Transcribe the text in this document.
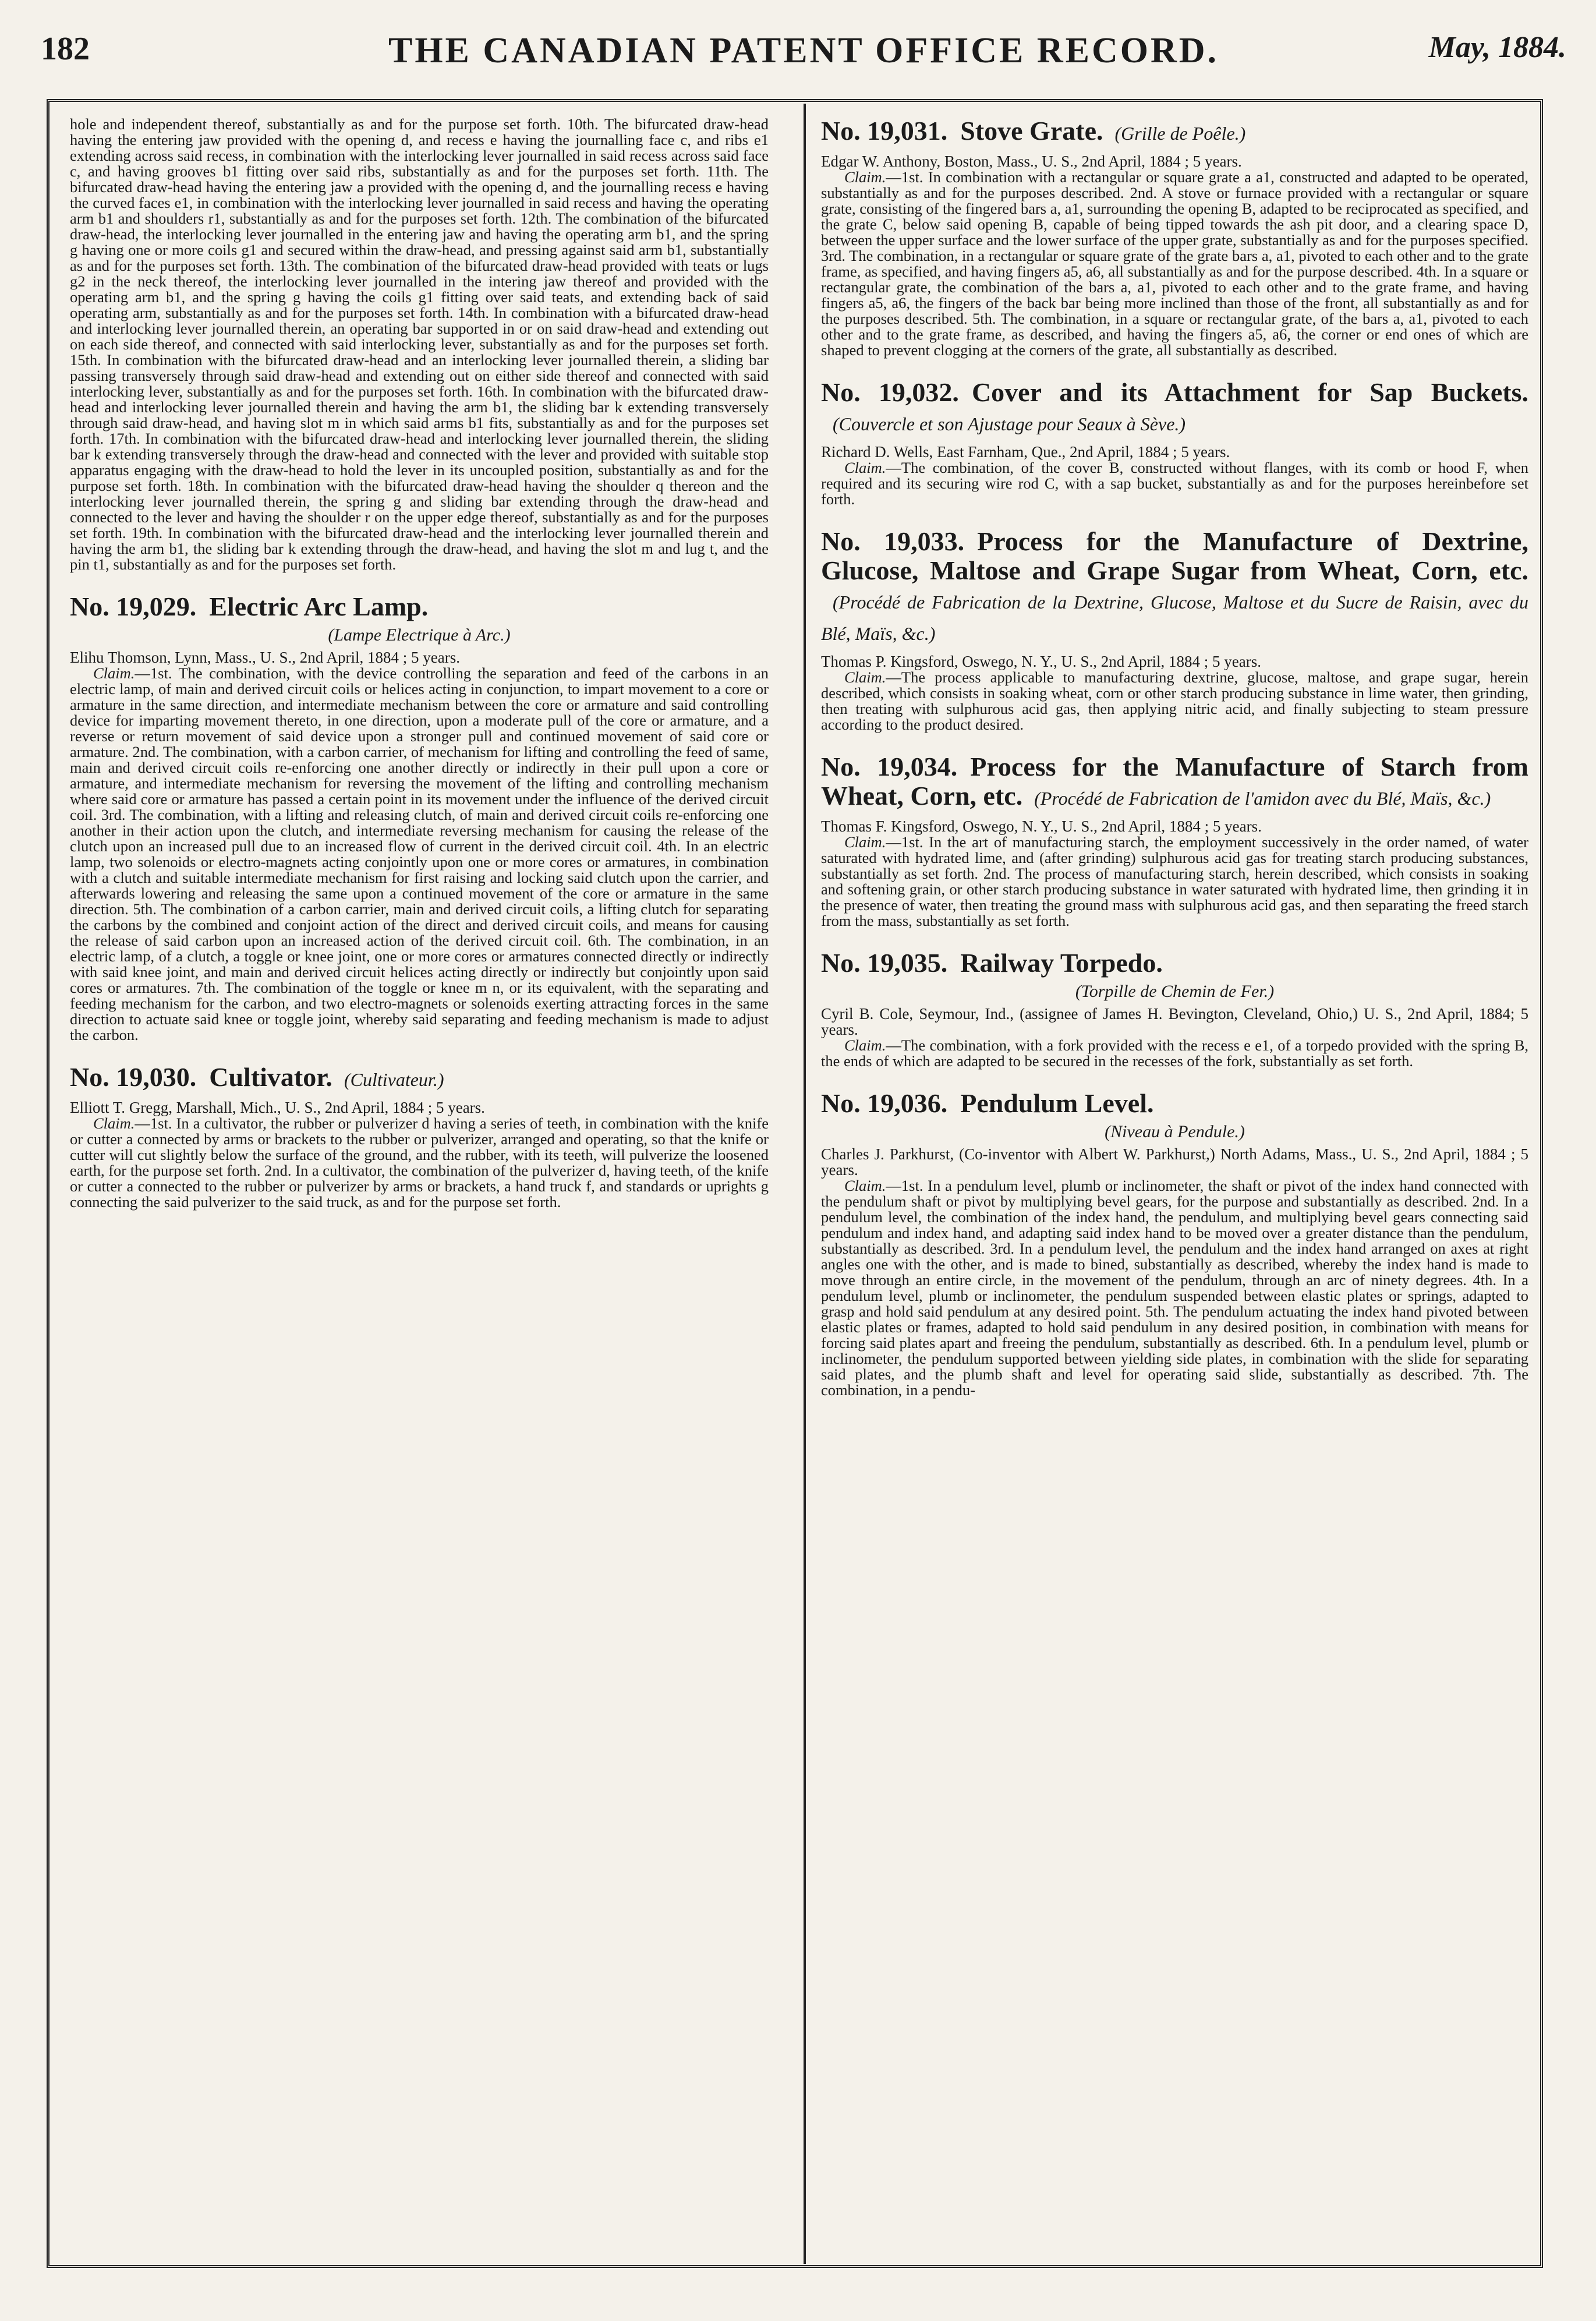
182	THE CANADIAN PATENT OFFICE RECORD.	May, 1884.

hole and independent thereof, substantially as and for the purpose set forth. 10th. The bifurcated draw-head having the entering jaw provided with the opening d, and recess e having the journalling face c, and ribs e1 extending across said recess, in combination with the interlocking lever journalled in said recess across said face c, and having grooves b1 fitting over said ribs, substantially as and for the purposes set forth. 11th. The bifurcated draw-head having the entering jaw a provided with the opening d, and the journalling recess e having the curved faces e1, in combination with the interlocking lever journalled in said recess and having the operating arm b1 and shoulders r1, substantially as and for the purposes set forth. 12th. The combination of the bifurcated draw-head, the interlocking lever journalled in the entering jaw and having the operating arm b1, and the spring g having one or more coils g1 and secured within the draw-head, and pressing against said arm b1, substantially as and for the purposes set forth. 13th. The combination of the bifurcated draw-head provided with teats or lugs g2 in the neck thereof, the interlocking lever journalled in the intering jaw thereof and provided with the operating arm b1, and the spring g having the coils g1 fitting over said teats, and extending back of said operating arm, substantially as and for the purposes set forth. 14th. In combination with a bifurcated draw-head and interlocking lever journalled therein, an operating bar supported in or on said draw-head and extending out on each side thereof, and connected with said interlocking lever, substantially as and for the purposes set forth. 15th. In combination with the bifurcated draw-head and an interlocking lever journalled therein, a sliding bar passing transversely through said draw-head and extending out on either side thereof and connected with said interlocking lever, substantially as and for the purposes set forth. 16th. In combination with the bifurcated draw-head and interlocking lever journalled therein and having the arm b1, the sliding bar k extending transversely through said draw-head, and having slot m in which said arms b1 fits, substantially as and for the purposes set forth. 17th. In combination with the bifurcated draw-head and interlocking lever journalled therein, the sliding bar k extending transversely through the draw-head and connected with the lever and provided with suitable stop apparatus engaging with the draw-head to hold the lever in its uncoupled position, substantially as and for the purpose set forth. 18th. In combination with the bifurcated draw-head having the shoulder q thereon and the interlocking lever journalled therein, the spring g and sliding bar extending through the draw-head and connected to the lever and having the shoulder r on the upper edge thereof, substantially as and for the purposes set forth. 19th. In combination with the bifurcated draw-head and the interlocking lever journalled therein and having the arm b1, the sliding bar k extending through the draw-head, and having the slot m and lug t, and the pin t1, substantially as and for the purposes set forth.

No. 19,029. Electric Arc Lamp.
(Lampe Electrique à Arc.)

Elihu Thomson, Lynn, Mass., U. S., 2nd April, 1884 ; 5 years.

Claim.—1st. The combination, with the device controlling the separation and feed of the carbons in an electric lamp, of main and derived circuit coils or helices acting in conjunction, to impart movement to a core or armature in the same direction, and intermediate mechanism between the core or armature and said controlling device for imparting movement thereto, in one direction, upon a moderate pull of the core or armature, and a reverse or return movement of said device upon a stronger pull and continued movement of said core or armature. 2nd. The combination, with a carbon carrier, of mechanism for lifting and controlling the feed of same, main and derived circuit coils re-enforcing one another directly or indirectly in their pull upon a core or armature, and intermediate mechanism for reversing the movement of the lifting and controlling mechanism where said core or armature has passed a certain point in its movement under the influence of the derived circuit coil. 3rd. The combination, with a lifting and releasing clutch, of main and derived circuit coils re-enforcing one another in their action upon the clutch, and intermediate reversing mechanism for causing the release of the clutch upon an increased pull due to an increased flow of current in the derived circuit coil. 4th. In an electric lamp, two solenoids or electro-magnets acting conjointly upon one or more cores or armatures, in combination with a clutch and suitable intermediate mechanism for first raising and locking said clutch upon the carrier, and afterwards lowering and releasing the same upon a continued movement of the core or armature in the same direction. 5th. The combination of a carbon carrier, main and derived circuit coils, a lifting clutch for separating the carbons by the combined and conjoint action of the direct and derived circuit coils, and means for causing the release of said carbon upon an increased action of the derived circuit coil. 6th. The combination, in an electric lamp, of a clutch, a toggle or knee joint, one or more cores or armatures connected directly or indirectly with said knee joint, and main and derived circuit helices acting directly or indirectly but conjointly upon said cores or armatures. 7th. The combination of the toggle or knee m n, or its equivalent, with the separating and feeding mechanism for the carbon, and two electro-magnets or solenoids exerting attracting forces in the same direction to actuate said knee or toggle joint, whereby said separating and feeding mechanism is made to adjust the carbon.

No. 19,030. Cultivator. (Cultivateur.)

Elliott T. Gregg, Marshall, Mich., U. S., 2nd April, 1884 ; 5 years.

Claim.—1st. In a cultivator, the rubber or pulverizer d having a series of teeth, in combination with the knife or cutter a connected by arms or brackets to the rubber or pulverizer, arranged and operating, so that the knife or cutter will cut slightly below the surface of the ground, and the rubber, with its teeth, will pulverize the loosened earth, for the purpose set forth. 2nd. In a cultivator, the combination of the pulverizer d, having teeth, of the knife or cutter a connected to the rubber or pulverizer by arms or brackets, a hand truck f, and standards or uprights g connecting the said pulverizer to the said truck, as and for the purpose set forth.

No. 19,031. Stove Grate. (Grille de Poêle.)

Edgar W. Anthony, Boston, Mass., U. S., 2nd April, 1884 ; 5 years.

Claim.—1st. In combination with a rectangular or square grate a a1, constructed and adapted to be operated, substantially as and for the purposes described. 2nd. A stove or furnace provided with a rectangular or square grate, consisting of the fingered bars a, a1, surrounding the opening B, adapted to be reciprocated as specified, and the grate C, below said opening B, capable of being tipped towards the ash pit door, and a clearing space D, between the upper surface and the lower surface of the upper grate, substantially as and for the purposes specified. 3rd. The combination, in a rectangular or square grate of the grate bars a, a1, pivoted to each other and to the grate frame, as specified, and having fingers a5, a6, all substantially as and for the purpose described. 4th. In a square or rectangular grate, the combination of the bars a, a1, pivoted to each other and to the grate frame, and having fingers a5, a6, the fingers of the back bar being more inclined than those of the front, all substantially as and for the purposes described. 5th. The combination, in a square or rectangular grate, of the bars a, a1, pivoted to each other and to the grate frame, as described, and having the fingers a5, a6, the corner or end ones of which are shaped to prevent clogging at the corners of the grate, all substantially as described.

No. 19,032. Cover and its Attachment for Sap Buckets.(Couvercle et son Ajustage pour Seaux à Sève.)

Richard D. Wells, East Farnham, Que., 2nd April, 1884 ; 5 years.

Claim.—The combination, of the cover B, constructed without flanges, with its comb or hood F, when required and its securing wire rod C, with a sap bucket, substantially as and for the purposes hereinbefore set forth.

No. 19,033. Process for the Manufacture of Dextrine, Glucose, Maltose and Grape Sugar from Wheat, Corn, etc.(Procédé de Fabrication de la Dextrine, Glucose, Maltose et du Sucre de Raisin, avec du Blé, Maïs, &c.)

Thomas P. Kingsford, Oswego, N. Y., U. S., 2nd April, 1884 ; 5 years.

Claim.—The process applicable to manufacturing dextrine, glucose, maltose, and grape sugar, herein described, which consists in soaking wheat, corn or other starch producing substance in lime water, then grinding, then treating with sulphurous acid gas, then applying nitric acid, and finally subjecting to steam pressure according to the product desired.

No. 19,034. Process for the Manufacture of Starch from Wheat, Corn, etc. (Procédé de Fabrication de l'amidon avec du Blé, Maïs, &c.)

Thomas F. Kingsford, Oswego, N. Y., U. S., 2nd April, 1884 ; 5 years.

Claim.—1st. In the art of manufacturing starch, the employment successively in the order named, of water saturated with hydrated lime, and (after grinding) sulphurous acid gas for treating starch producing substances, substantially as set forth. 2nd. The process of manufacturing starch, herein described, which consists in soaking and softening grain, or other starch producing substance in water saturated with hydrated lime, then grinding it in the presence of water, then treating the ground mass with sulphurous acid gas, and then separating the freed starch from the mass, substantially as set forth.

No. 19,035. Railway Torpedo.
(Torpille de Chemin de Fer.)

Cyril B. Cole, Seymour, Ind., (assignee of James H. Bevington, Cleveland, Ohio,) U. S., 2nd April, 1884; 5 years.

Claim.—The combination, with a fork provided with the recess e e1, of a torpedo provided with the spring B, the ends of which are adapted to be secured in the recesses of the fork, substantially as set forth.

No. 19,036. Pendulum Level.
(Niveau à Pendule.)

Charles J. Parkhurst, (Co-inventor with Albert W. Parkhurst,) North Adams, Mass., U. S., 2nd April, 1884 ; 5 years.

Claim.—1st. In a pendulum level, plumb or inclinometer, the shaft or pivot of the index hand connected with the pendulum shaft or pivot by multiplying bevel gears, for the purpose and substantially as described. 2nd. In a pendulum level, the combination of the index hand, the pendulum, and multiplying bevel gears connecting said pendulum and index hand, and adapting said index hand to be moved over a greater distance than the pendulum, substantially as described. 3rd. In a pendulum level, the pendulum and the index hand arranged on axes at right angles one with the other, and is made to bined, substantially as described, whereby the index hand is made to move through an entire circle, in the movement of the pendulum, through an arc of ninety degrees. 4th. In a pendulum level, plumb or inclinometer, the pendulum suspended between elastic plates or springs, adapted to grasp and hold said pendulum at any desired point. 5th. The pendulum actuating the index hand pivoted between elastic plates or frames, adapted to hold said pendulum in any desired position, in combination with means for forcing said plates apart and freeing the pendulum, substantially as described. 6th. In a pendulum level, plumb or inclinometer, the pendulum supported between yielding side plates, in combination with the slide for separating said plates, and the plumb shaft and level for operating said slide, substantially as described. 7th. The combination, in a pendu-
